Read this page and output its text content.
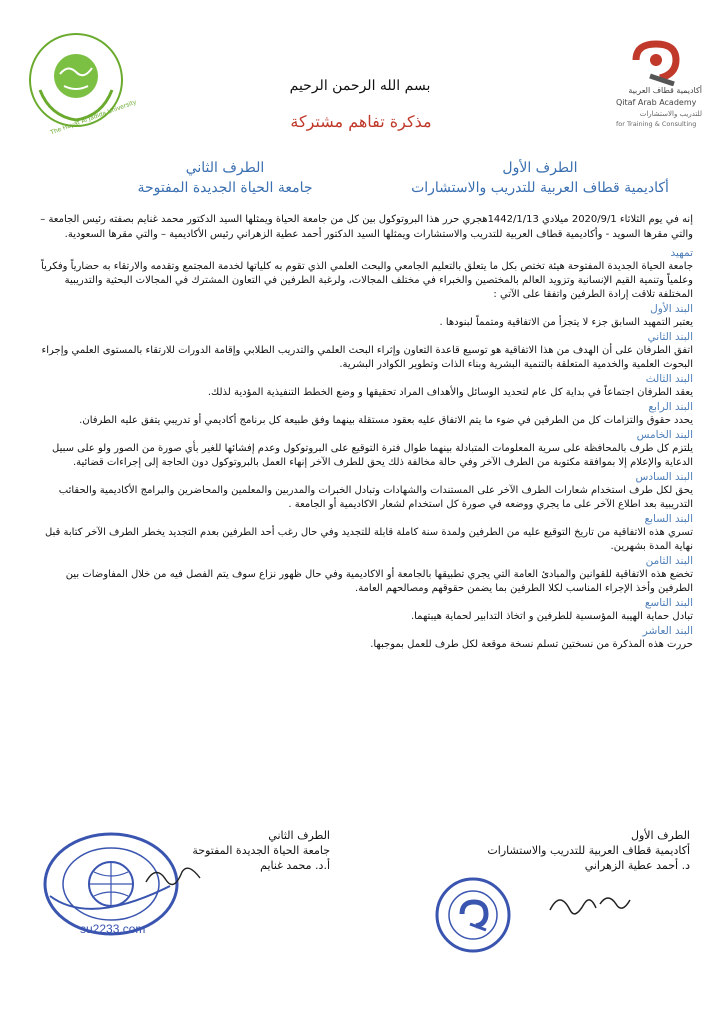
The Hayat Al Jadida University
أكاديمية قطاف العربية
Qitaf Arab Academy
للتدريب والاستشارات
for Training & Consulting
بسم الله الرحمن الرحيم
مذكرة تفاهم مشتركة
الطرف الأول
أكاديمية قطاف العربية للتدريب والاستشارات
الطرف الثاني
جامعة الحياة الجديدة المفتوحة
إنه في يوم الثلاثاء 2020/9/1 ميلادي 1442/1/13هجري حرر هذا البروتوكول بين كل من جامعة الحياة ويمثلها السيد الدكتور محمد غنايم بصفته رئيس الجامعة – والتي مقرها السويد - وأكاديمية قطاف العربية للتدريب والاستشارات ويمثلها السيد الدكتور أحمد عطية الزهراني رئيس الأكاديمية – والتي مقرها السعودية.
تمهيد
جامعة الحياة الجديدة المفتوحة هيئة تختص بكل ما يتعلق بالتعليم الجامعي والبحث العلمي الذي تقوم به كلياتها لخدمة المجتمع وتقدمه والارتقاء به حضارياً وفكرياً وعلمياً وتنمية القيم الإنسانية وتزويد العالم بالمختصين والخبراء في مختلف المجالات، ولرغبة الطرفين في التعاون المشترك في المجالات البحثية والتدريبية المختلفة تلاقت إرادة الطرفين واتفقا على الآتي :
البند الأول
يعتبر التمهيد السابق جزء لا يتجزأ من الاتفاقية ومتمماً لبنودها .
البند الثاني
اتفق الطرفان على أن الهدف من هذا الاتفاقية هو توسيع قاعدة التعاون وإثراء البحث العلمي والتدريب الطلابي وإقامة الدورات للارتقاء بالمستوى العلمي وإجراء البحوث العلمية والخدمية المتعلقة بالتنمية البشرية وبناء الذات وتطوير الكوادر البشرية.
البند الثالث
يعقد الطرفان اجتماعاً في بداية كل عام لتحديد الوسائل والأهداف المراد تحقيقها و وضع الخطط التنفيذية المؤدية لذلك.
البند الرابع
يحدد حقوق والتزامات كل من الطرفين في ضوء ما يتم الاتفاق عليه بعقود مستقلة بينهما وفق طبيعة كل برنامج أكاديمي أو تدريبي يتفق عليه الطرفان.
البند الخامس
يلتزم كل طرف بالمحافظة على سرية المعلومات المتبادلة بينهما طوال فترة التوقيع على البروتوكول وعدم إفشائها للغير بأي صورة من الصور ولو على سبيل الدعاية والإعلام إلا بموافقة مكتوبة من الطرف الآخر وفي حالة مخالفة ذلك يحق للطرف الآخر إنهاء العمل بالبروتوكول دون الحاجة إلى إجراءات قضائية.
البند السادس
يحق لكل طرف استخدام شعارات الطرف الآخر على المستندات والشهادات وتبادل الخبرات والمدربين والمعلمين والمحاضرين والبرامج الأكاديمية والحقائب التدريبية بعد اطلاع الآخر على ما يجري ووضعه في صورة كل استخدام لشعار الاكاديمية أو الجامعة .
البند السابع
تسري هذه الاتفاقية من تاريخ التوقيع عليه من الطرفين ولمدة سنة كاملة قابلة للتجديد وفي حال رغب أحد الطرفين بعدم التجديد يخطر الطرف الآخر كتابة قبل نهاية المدة بشهرين.
البند الثامن
تخضع هذه الاتفاقية للقوانين والمبادئ العامة التي يجري تطبيقها بالجامعة أو الاكاديمية وفي حال ظهور نزاع سوف يتم الفصل فيه من خلال المفاوضات بين الطرفين وأخذ الإجراء المناسب لكلا الطرفين بما يضمن حقوقهم ومصالحهم العامة.
البند التاسع
تبادل حماية الهيبة المؤسسية للطرفين و اتخاذ التدابير لحماية هيبتهما.
البند العاشر
حررت هذه المذكرة من نسختين تسلم نسخة موقعة لكل طرف للعمل بموجبها.
الطرف الأول
أكاديمية قطاف العربية للتدريب والاستشارات
د. أحمد عطية الزهراني
الطرف الثاني
جامعة الحياة الجديدة المفتوحة
أ.د. محمد غنايم
su2233.com
